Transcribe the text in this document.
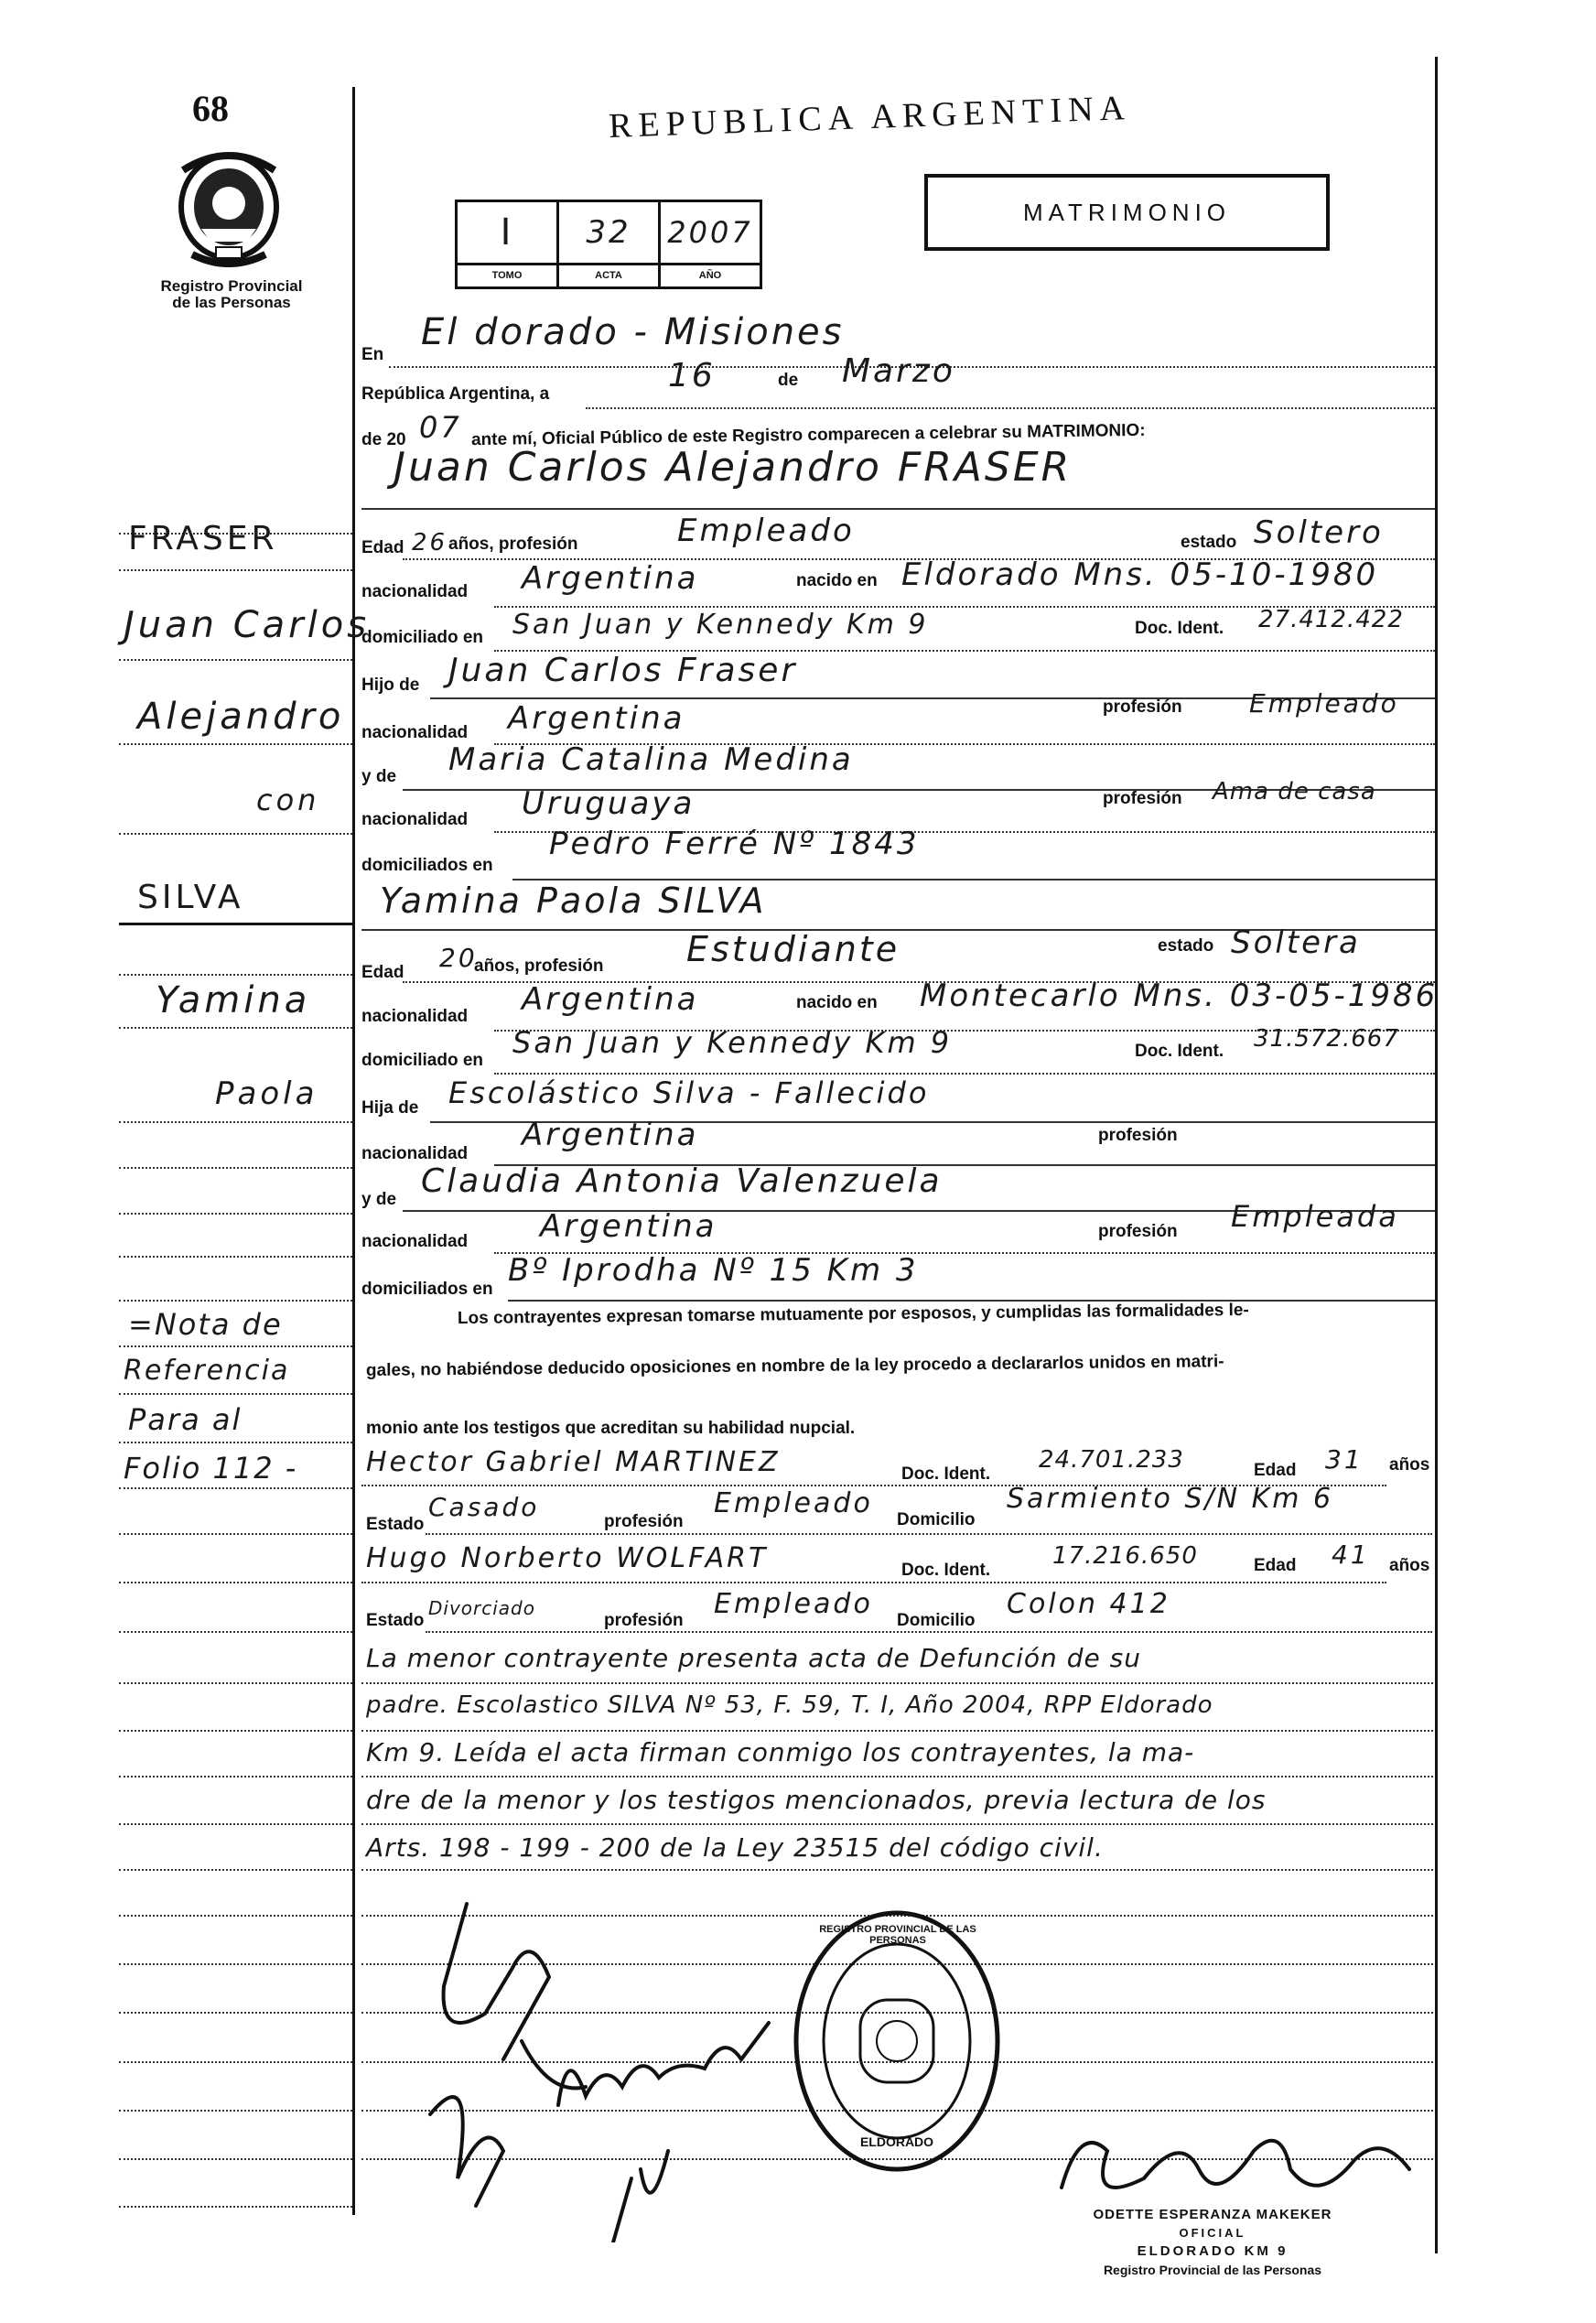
68
Registro Provincial
de las Personas
REPUBLICA ARGENTINA
MATRIMONIO
I	32	2007
TOMO	ACTA	AÑO
En
El dorado - Misiones
República Argentina, a	16	de Marzo
de 20 07 ante mí, Oficial Público de este Registro comparecen a celebrar su MATRIMONIO:
Juan Carlos Alejandro FRASER
Edad 26 años, profesión	Empleado	estado Soltero
nacionalidad Argentina	nacido en Eldorado Mns. 05-10-1980
domiciliado en San Juan y Kennedy Km 9	Doc. Ident. 27.412.422
Hijo de Juan Carlos Fraser
nacionalidad Argentina	profesión	Empleado
y de Maria Catalina Medina
nacionalidad Uruguaya	profesión Ama de casa
domiciliados en
Pedro Ferré Nº 1843
Yamina Paola SILVA
Edad 20
años, profesión Estudiante	estado Soltera
nacionalidad Argentina	nacido en Montecarlo Mns. 03-05-1986
domiciliado en
San Juan y Kennedy Km 9	Doc. Ident. 31.572.667
Hija de Escolástico Silva - Fallecido
nacionalidad
Argentina	profesión
y de Claudia Antonia Valenzuela
nacionalidad Argentina	profesión Empleada
domiciliados en
Bº Iprodha Nº 15 Km 3
Los contrayentes expresan tomarse mutuamente por esposos, y cumplidas las formalidades le-
gales, no habiéndose deducido oposiciones en nombre de la ley procedo a declararlos unidos en matri-
monio ante los testigos que acreditan su habilidad nupcial.
Hector Gabriel MARTINEZ	Doc. Ident.
24.701.233	Edad 31 años
Estado
Casado	profesión
Empleado
Domicilio
Sarmiento S/N Km 6
Hugo Norberto WOLFART	Doc. Ident.
17.216.650	Edad 41 años
Estado
Divorciado
profesión
Empleado
Domicilio
Colon 412
La menor contrayente presenta acta de Defunción de su
padre. Escolastico SILVA Nº 53, F. 59, T. I, Año 2004, RPP Eldorado
Km 9. Leída el acta firman conmigo los contrayentes, la ma-
dre de la menor y los testigos mencionados, previa lectura de los
Arts. 198 - 199 - 200 de la Ley 23515 del código civil.
FRASER
Juan Carlos
Alejandro
con
SILVA
Yamina
Paola
=Nota de
Referencia
Para al
Folio 112 -
REGISTRO PROVINCIAL DE LAS PERSONAS
ELDORADO
ODETTE ESPERANZA MAKEKER
OFICIAL
ELDORADO KM 9
Registro Provincial de las Personas
